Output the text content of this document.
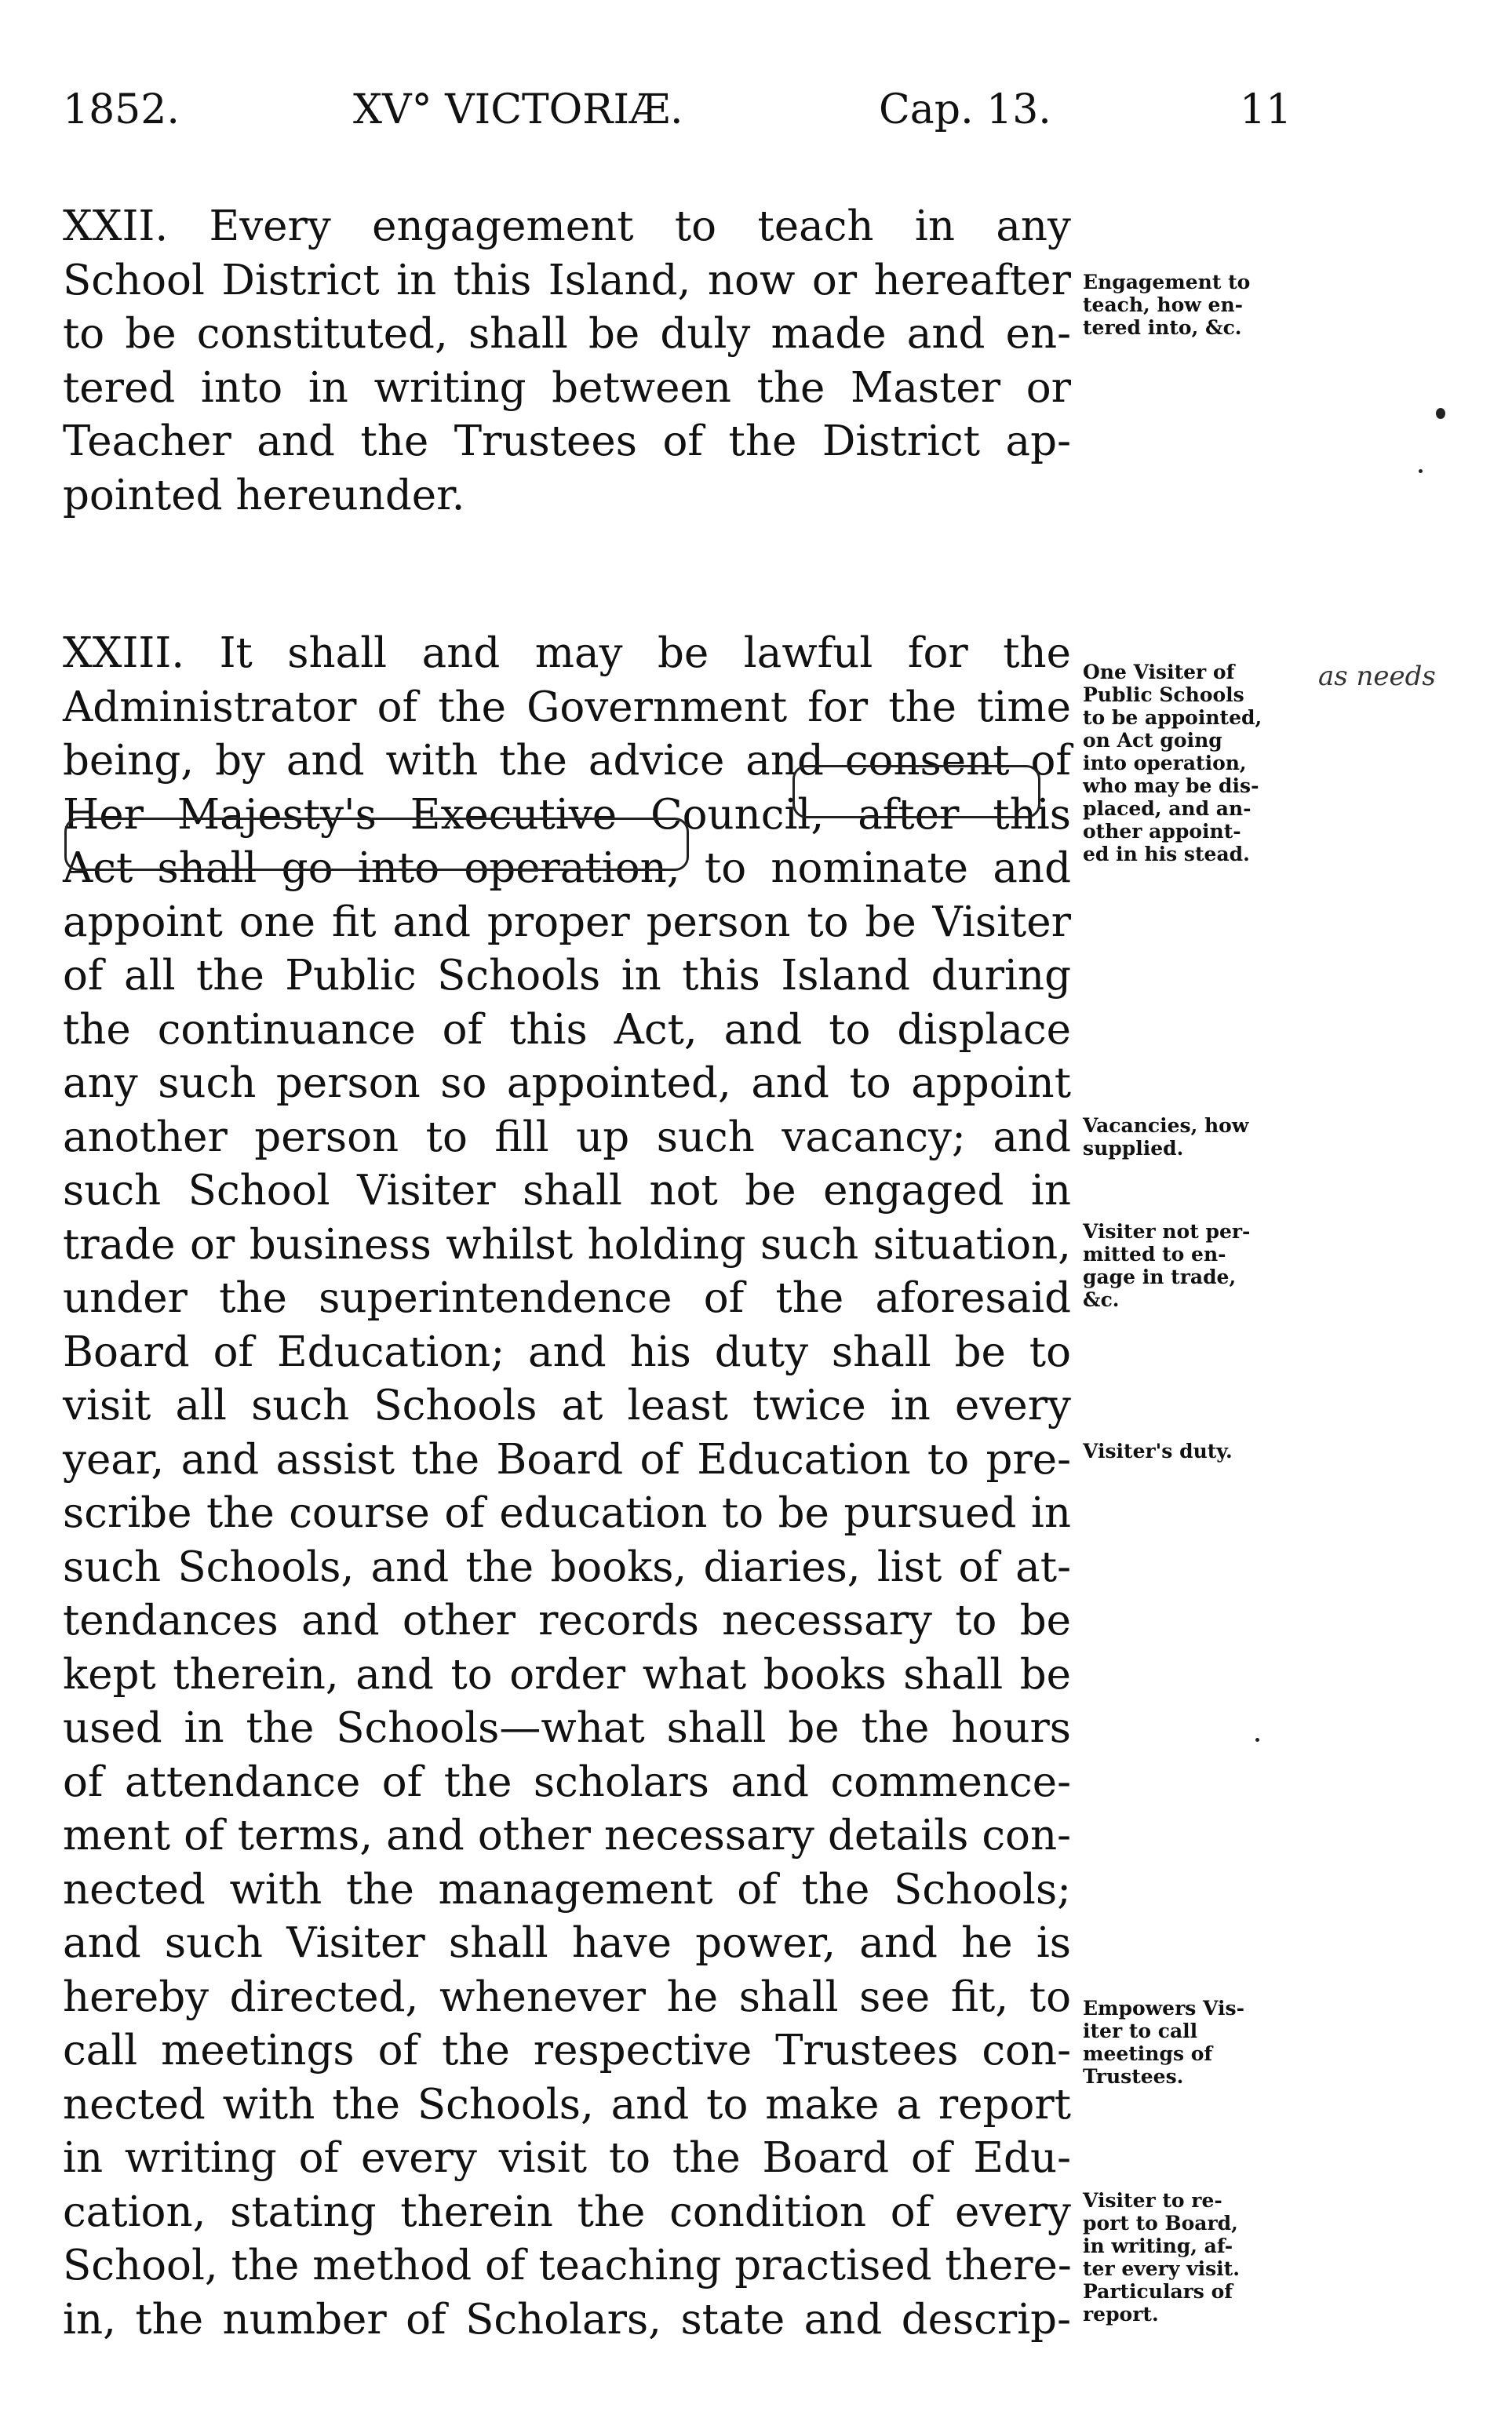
1852.	XV° VICTORIÆ.	Cap. 13.	11
XXII. Every engagement to teach in any
School District in this Island, now or hereafter
to be constituted, shall be duly made and en-
tered into in writing between the Master or
Teacher and the Trustees of the District ap-
pointed hereunder.
XXIII. It shall and may be lawful for the
Administrator of the Government for the time
being, by and with the advice and consent of
Her Majesty's Executive Council, after this
Act shall go into operation, to nominate and
appoint one fit and proper person to be Visiter
of all the Public Schools in this Island during
the continuance of this Act, and to displace
any such person so appointed, and to appoint
another person to fill up such vacancy; and
such School Visiter shall not be engaged in
trade or business whilst holding such situation,
under the superintendence of the aforesaid
Board of Education; and his duty shall be to
visit all such Schools at least twice in every
year, and assist the Board of Education to pre-
scribe the course of education to be pursued in
such Schools, and the books, diaries, list of at-
tendances and other records necessary to be
kept therein, and to order what books shall be
used in the Schools—what shall be the hours
of attendance of the scholars and commence-
ment of terms, and other necessary details con-
nected with the management of the Schools;
and such Visiter shall have power, and he is
hereby directed, whenever he shall see fit, to
call meetings of the respective Trustees con-
nected with the Schools, and to make a report
in writing of every visit to the Board of Edu-
cation, stating therein the condition of every
School, the method of teaching practised there-
in, the number of Scholars, state and descrip-
Engagement to
teach, how en-
tered into, &c.
One Visiter of
Public Schools
to be appointed,
on Act going
into operation,
who may be dis-
placed, and an-
other appoint-
ed in his stead.
Vacancies, how
supplied.
Visiter not per-
mitted to en-
gage in trade,
&c.
Visiter's duty.
Empowers Vis-
iter to call
meetings of
Trustees.
Visiter to re-
port to Board,
in writing, af-
ter every visit.
Particulars of
report.
as needs
